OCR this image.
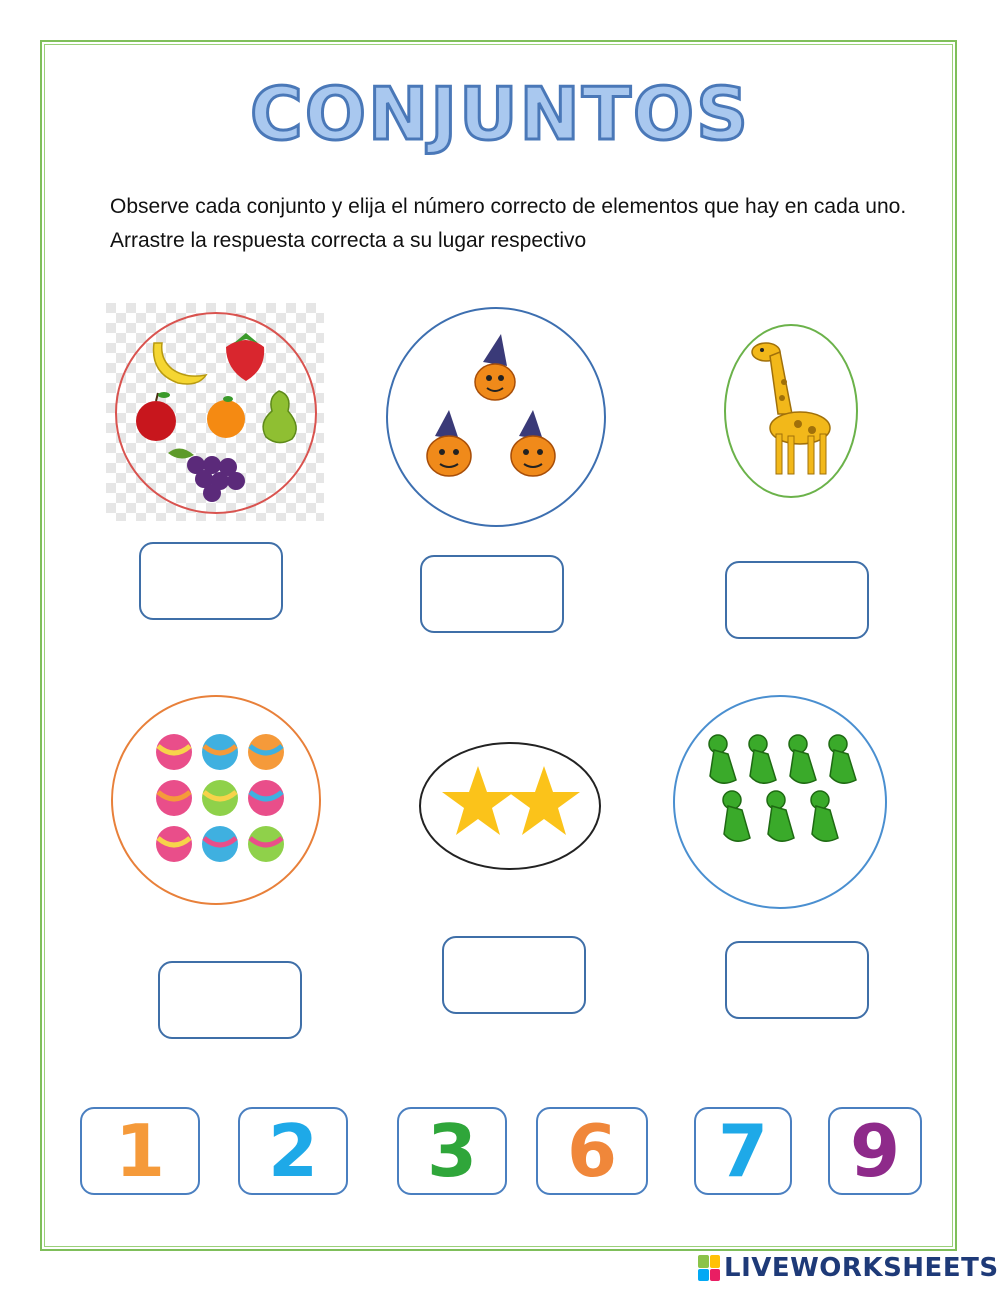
CONJUNTOS
Observe cada conjunto y elija el número correcto de elementos que hay en cada uno. Arrastre la respuesta correcta a su lugar respectivo
1 2 3 6 7 9
LIVEWORKSHEETS
